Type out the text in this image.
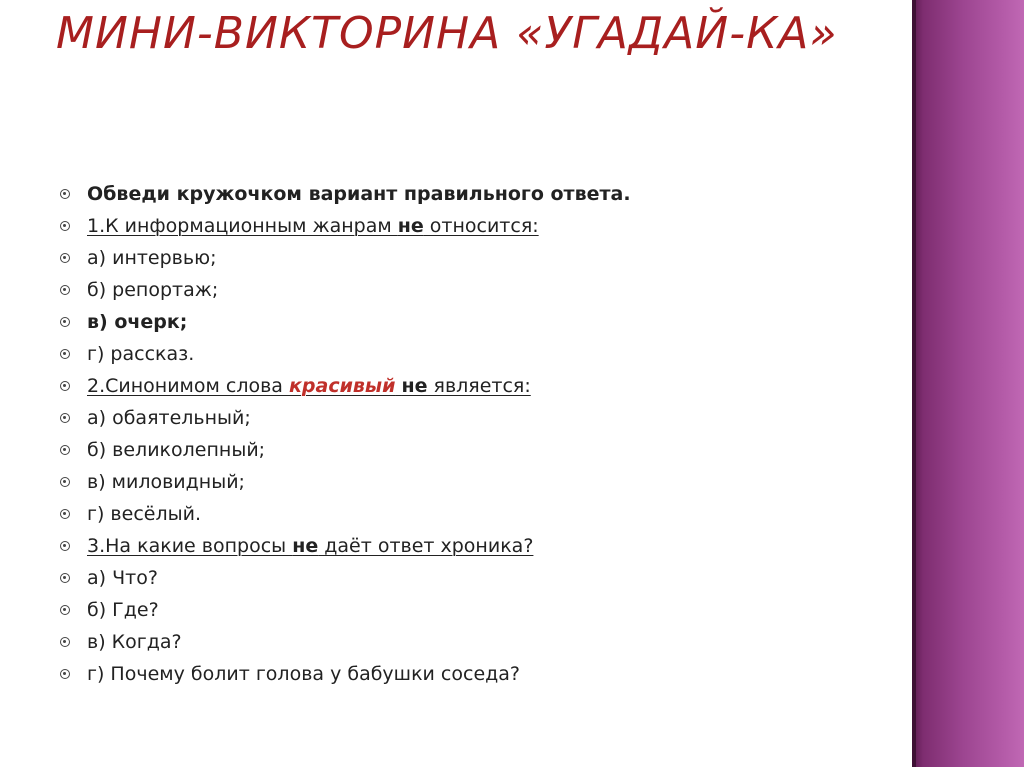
МИНИ-ВИКТОРИНА «УГАДАЙ-КА»
Обведи кружочком вариант правильного ответа.
1.К информационным жанрам не относится:
а) интервью;
б) репортаж;
в) очерк;
г) рассказ.
2.Синонимом слова красивый не является:
а) обаятельный;
б) великолепный;
в) миловидный;
г) весёлый.
3.На какие вопросы не даёт ответ хроника?
а) Что?
б) Где?
в) Когда?
г) Почему болит голова у бабушки соседа?
